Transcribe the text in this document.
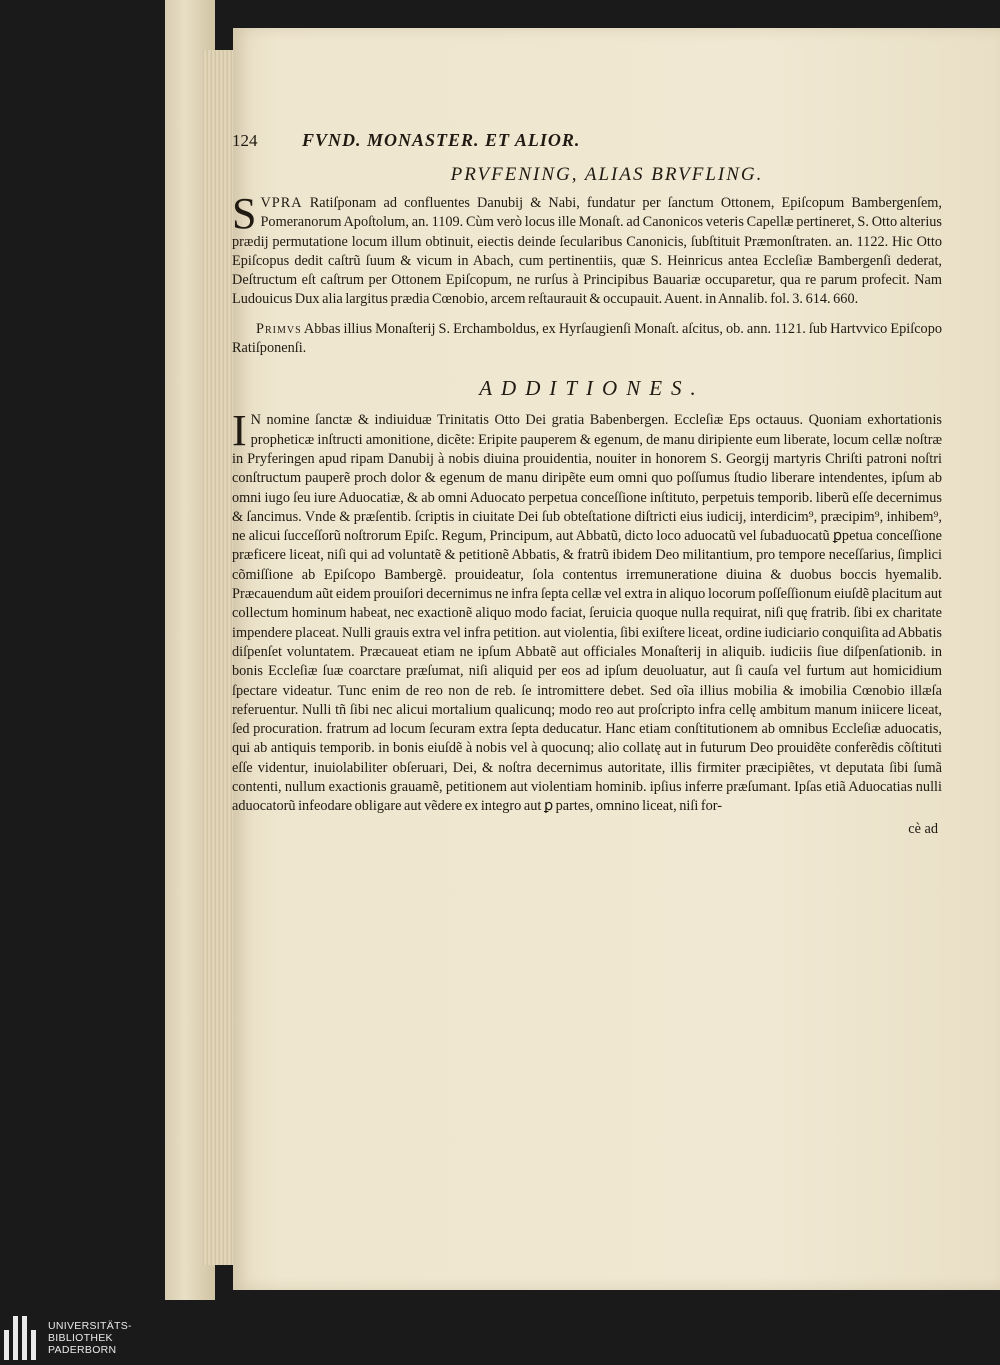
124	FVND. MONASTER. ET ALIOR.
PRVFENING, ALIAS BRVFLING.

SVPRA Ratiſponam ad confluentes Danubij & Nabi, fundatur per ſanctum Ottonem, Epiſcopum Bambergenſem, Pomeranorum Apoſtolum, an. 1109. Cùm verò locus ille Monaſt. ad Canonicos veteris Capellæ pertineret, S. Otto alterius prædij permutatione locum illum obtinuit, eiectis deinde ſecularibus Canonicis, ſubſtituit Præmonſtraten. an. 1122. Hic Otto Epiſcopus dedit caſtrũ ſuum & vicum in Abach, cum pertinentiis, quæ S. Heinricus antea Eccleſiæ Bambergenſi dederat, Deſtructum eſt caſtrum per Ottonem Epiſcopum, ne rurſus à Principibus Bauariæ occuparetur, qua re parum profecit. Nam Ludouicus Dux alia largitus prædia Cœnobio, arcem reſtaurauit & occupauit. Auent. in Annalib. fol. 3. 614. 660.

Primvs Abbas illius Monaſterij S. Erchamboldus, ex Hyrſaugienſi Monaſt. aſcitus, ob. ann. 1121. ſub Hartvvico Epiſcopo Ratiſponenſi.

ADDITIONES.

I N nomine ſanctæ & indiuiduæ Trinitatis Otto Dei gratia Babenbergen. Eccleſiæ Eps octauus. Quoniam exhortationis propheticæ inſtructi amonitione, dicẽte: Eripite pauperem & egenum, de manu diripiente eum liberate, locum cellæ noſtræ in Pryferingen apud ripam Danubij à nobis diuina prouidentia, nouiter in honorem S. Georgij martyris Chriſti patroni noſtri conſtructum pauperẽ proch dolor & egenum de manu diripẽte eum omni quo poſſumus ſtudio liberare intendentes, ipſum ab omni iugo ſeu iure Aduocatiæ, & ab omni Aduocato perpetua conceſſione inſtituto, perpetuis temporib. liberũ eſſe decernimus & ſancimus. Vnde & præſentib. ſcriptis in ciuitate Dei ſub obteſtatione diſtricti eius iudicij, interdicim⁹, præcipim⁹, inhibem⁹, ne alicui ſucceſſorũ noſtrorum Epiſc. Regum, Principum, aut Abbatũ, dicto loco aduocatũ vel ſubaduocatũ ꝑpetua conceſſione præficere liceat, niſi qui ad voluntatẽ & petitionẽ Abbatis, & fratrũ ibidem Deo militantium, pro tempore neceſſarius, ſimplici cõmiſſione ab Epiſcopo Bambergẽ. prouideatur, ſola contentus irremuneratione diuina & duobus boccis hyemalib. Præcauendum aũt eidem prouiſori decernimus ne infra ſepta cellæ vel extra in aliquo locorum poſſeſſionum eiuſdẽ placitum aut collectum hominum habeat, nec exactionẽ aliquo modo faciat, ſeruicia quoque nulla requirat, niſi quę fratrib. ſibi ex charitate impendere placeat. Nulli grauis extra vel infra petition. aut violentia, ſibi exiſtere liceat, ordine iudiciario conquiſita ad Abbatis diſpenſet voluntatem. Præcaueat etiam ne ipſum Abbatẽ aut officiales Monaſterij in aliquib. iudiciis ſiue diſpenſationib. in bonis Eccleſiæ ſuæ coarctare præſumat, niſi aliquid per eos ad ipſum deuoluatur, aut ſi cauſa vel furtum aut homicidium ſpectare videatur. Tunc enim de reo non de reb. ſe intromittere debet. Sed oĩa illius mobilia & imobilia Cœnobio illæſa referuentur. Nulli tñ ſibi nec alicui mortalium qualicunq; modo reo aut proſcripto infra cellę ambitum manum iniicere liceat, ſed procuration. fratrum ad locum ſecuram extra ſepta deducatur. Hanc etiam conſtitutionem ab omnibus Eccleſiæ aduocatis, qui ab antiquis temporib. in bonis eiuſdẽ à nobis vel à quocunq; alio collatę aut in futurum Deo prouidẽte conferẽdis cõſtituti eſſe videntur, inuiolabiliter obſeruari, Dei, & noſtra decernimus autoritate, illis firmiter præcipiẽtes, vt deputata ſibi ſumã contenti, nullum exactionis grauamẽ, petitionem aut violentiam hominib. ipſius inferre præſumant. Ipſas etiã Aduocatias nulli aduocatorũ infeodare obligare aut vẽdere ex integro aut ꝑ partes, omnino liceat, niſi for-

cè ad
UNIVERSITÄTS-
BIBLIOTHEK
PADERBORN
